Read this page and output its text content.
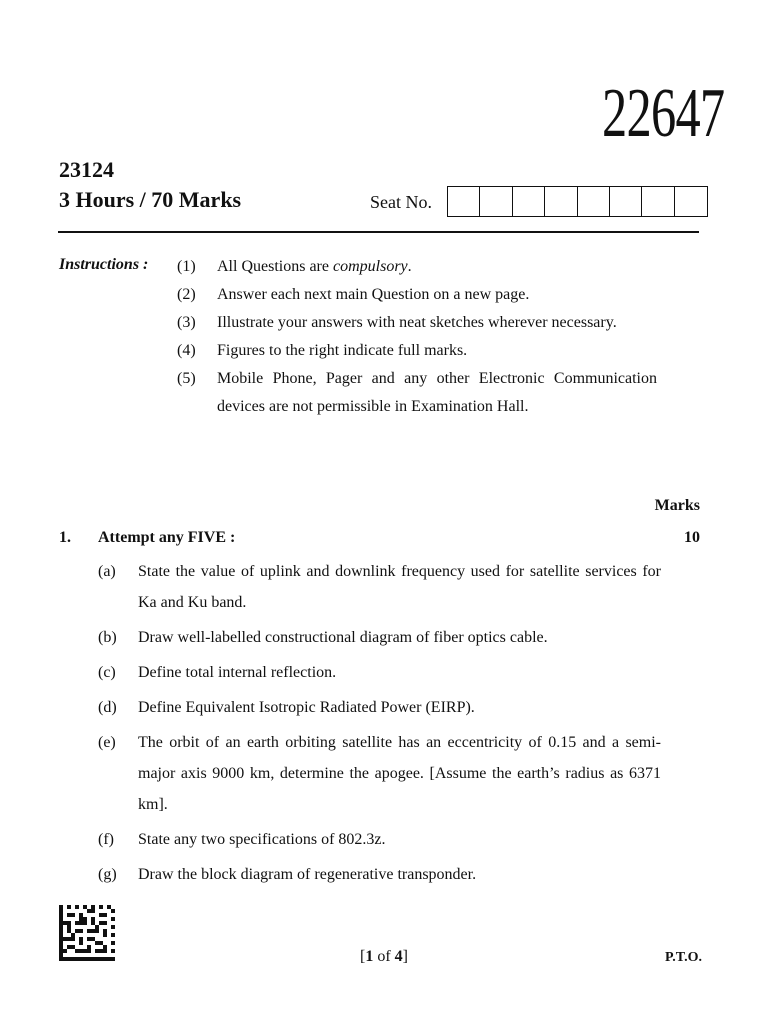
22647
23124
3 Hours / 70 Marks	Seat No.
Instructions : (1)	All Questions are compulsory.
(2)	Answer each next main Question on a new page.
(3)	Illustrate your answers with neat sketches wherever necessary.
(4)	Figures to the right indicate full marks.
(5)	Mobile Phone, Pager and any other Electronic Communication devices are not permissible in Examination Hall.
Marks
1. Attempt any FIVE :	10
(a)	State the value of uplink and downlink frequency used for satellite services for Ka and Ku band.
(b)	Draw well-labelled constructional diagram of fiber optics cable.
(c)	Define total internal reflection.
(d)	Define Equivalent Isotropic Radiated Power (EIRP).
(e)	The orbit of an earth orbiting satellite has an eccentricity of 0.15 and a semi-major axis 9000 km, determine the apogee. [Assume the earth’s radius as 6371 km].
(f)	State any two specifications of 802.3z.
(g)	Draw the block diagram of regenerative transponder.
[1 of 4]	P.T.O.
